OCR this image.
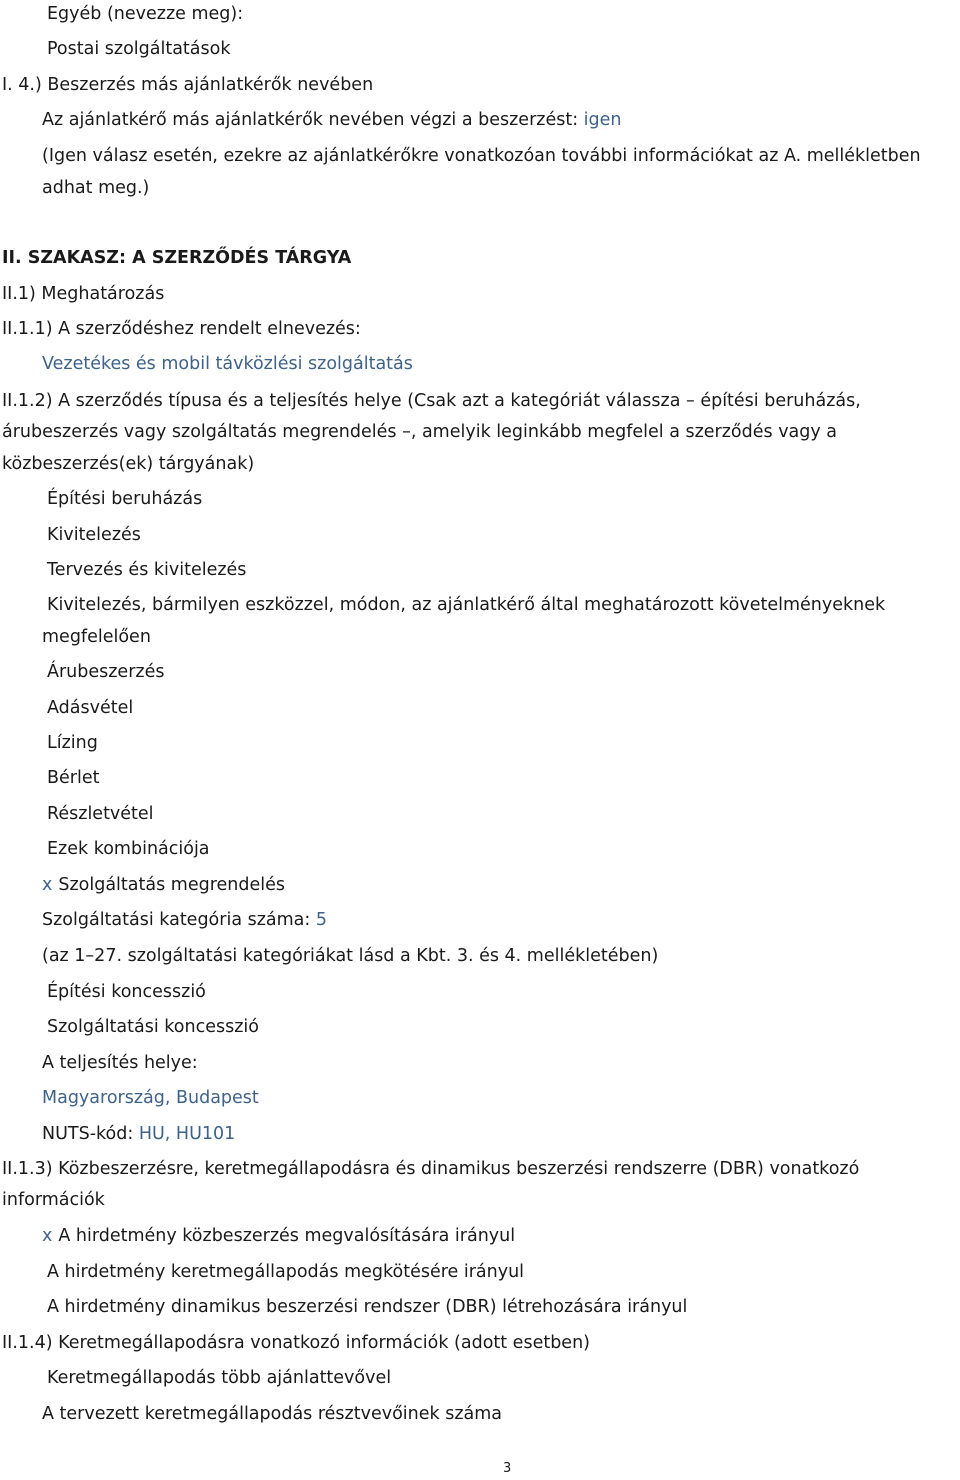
Egyéb (nevezze meg):
Postai szolgáltatások
I. 4.) Beszerzés más ajánlatkérők nevében
Az ajánlatkérő más ajánlatkérők nevében végzi a beszerzést: igen
(Igen válasz esetén, ezekre az ajánlatkérőkre vonatkozóan további információkat az A. mellékletben
adhat meg.)
II. SZAKASZ: A SZERZŐDÉS TÁRGYA
II.1) Meghatározás
II.1.1) A szerződéshez rendelt elnevezés:
Vezetékes és mobil távközlési szolgáltatás
II.1.2) A szerződés típusa és a teljesítés helye (Csak azt a kategóriát válassza – építési beruházás,
árubeszerzés vagy szolgáltatás megrendelés –, amelyik leginkább megfelel a szerződés vagy a
közbeszerzés(ek) tárgyának)
Építési beruházás
Kivitelezés
Tervezés és kivitelezés
Kivitelezés, bármilyen eszközzel, módon, az ajánlatkérő által meghatározott követelményeknek
megfelelően
Árubeszerzés
Adásvétel
Lízing
Bérlet
Részletvétel
Ezek kombinációja
x Szolgáltatás megrendelés
Szolgáltatási kategória száma: 5
(az 1–27. szolgáltatási kategóriákat lásd a Kbt. 3. és 4. mellékletében)
Építési koncesszió
Szolgáltatási koncesszió
A teljesítés helye:
Magyarország, Budapest
NUTS-kód: HU, HU101
II.1.3) Közbeszerzésre, keretmegállapodásra és dinamikus beszerzési rendszerre (DBR) vonatkozó
információk
x A hirdetmény közbeszerzés megvalósítására irányul
A hirdetmény keretmegállapodás megkötésére irányul
A hirdetmény dinamikus beszerzési rendszer (DBR) létrehozására irányul
II.1.4) Keretmegállapodásra vonatkozó információk (adott esetben)
Keretmegállapodás több ajánlattevővel
A tervezett keretmegállapodás résztvevőinek száma
3
